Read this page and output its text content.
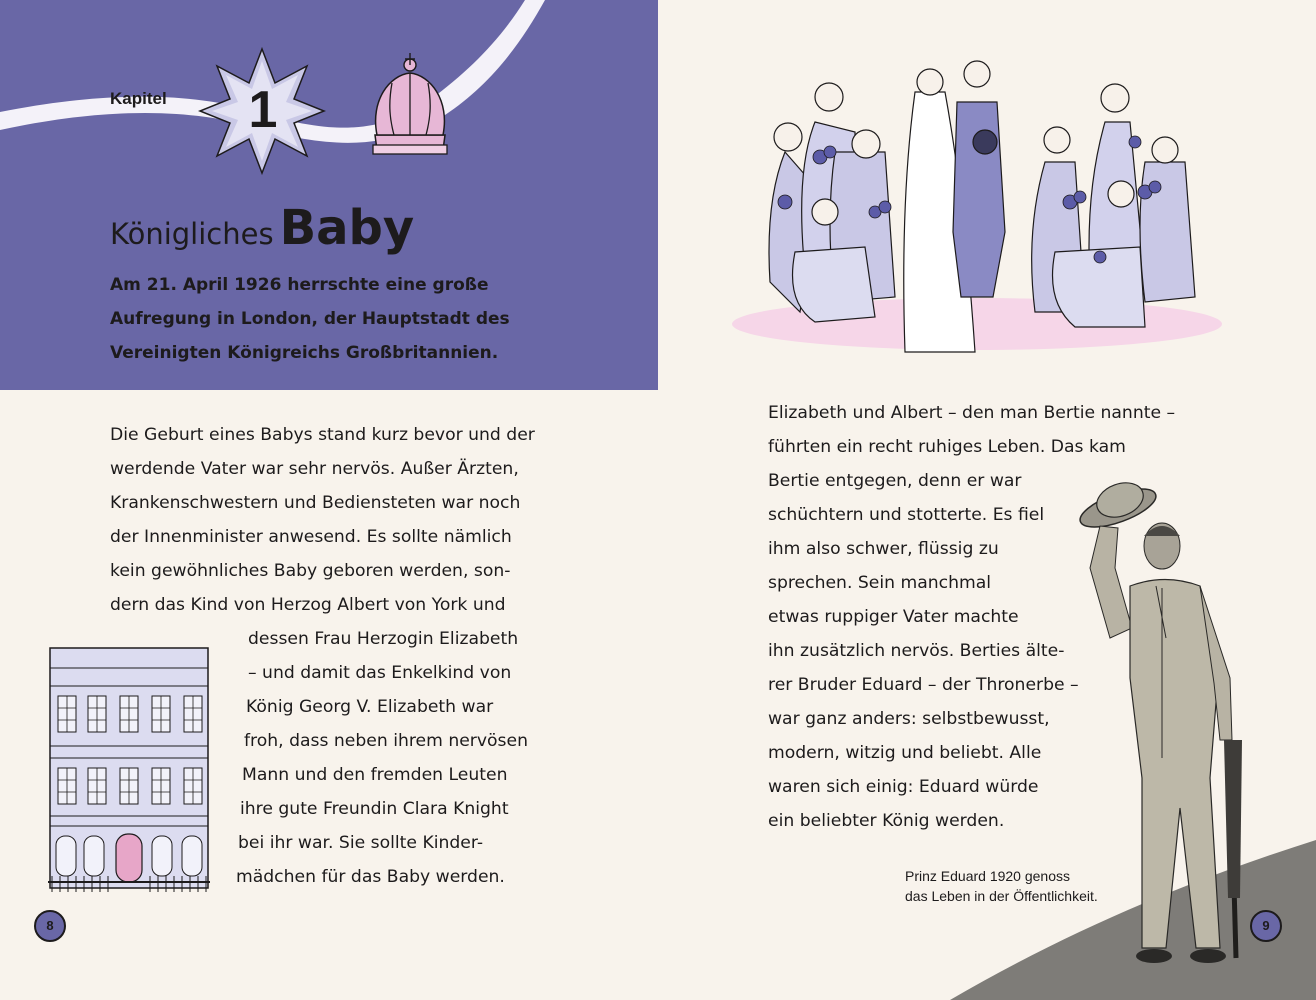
Kapitel 1
Königliches Baby
Am 21. April 1926 herrschte eine große
Aufregung in London, der Hauptstadt des
Vereinigten Königreichs Großbritannien.
Die Geburt eines Babys stand kurz bevor und der
werdende Vater war sehr nervös. Außer Ärzten,
Krankenschwestern und Bediensteten war noch
der Innenminister anwesend. Es sollte nämlich
kein gewöhnliches Baby geboren werden, son-
dern das Kind von Herzog Albert von York und
dessen Frau Herzogin Elizabeth
– und damit das Enkelkind von
König Georg V. Elizabeth war
froh, dass neben ihrem nervösen
Mann und den fremden Leuten
ihre gute Freundin Clara Knight
bei ihr war. Sie sollte Kinder-
mädchen für das Baby werden.
Elizabeth und Albert – den man Bertie nannte –
führten ein recht ruhiges Leben. Das kam
Bertie entgegen, denn er war
schüchtern und stotterte. Es fiel
ihm also schwer, flüssig zu
sprechen. Sein manchmal
etwas ruppiger Vater machte
ihn zusätzlich nervös. Berties älte-
rer Bruder Eduard – der Thronerbe –
war ganz anders: selbstbewusst,
modern, witzig und beliebt. Alle
waren sich einig: Eduard würde
ein beliebter König werden.
Prinz Eduard 1920 genoss
das Leben in der Öffentlichkeit.
8	9
